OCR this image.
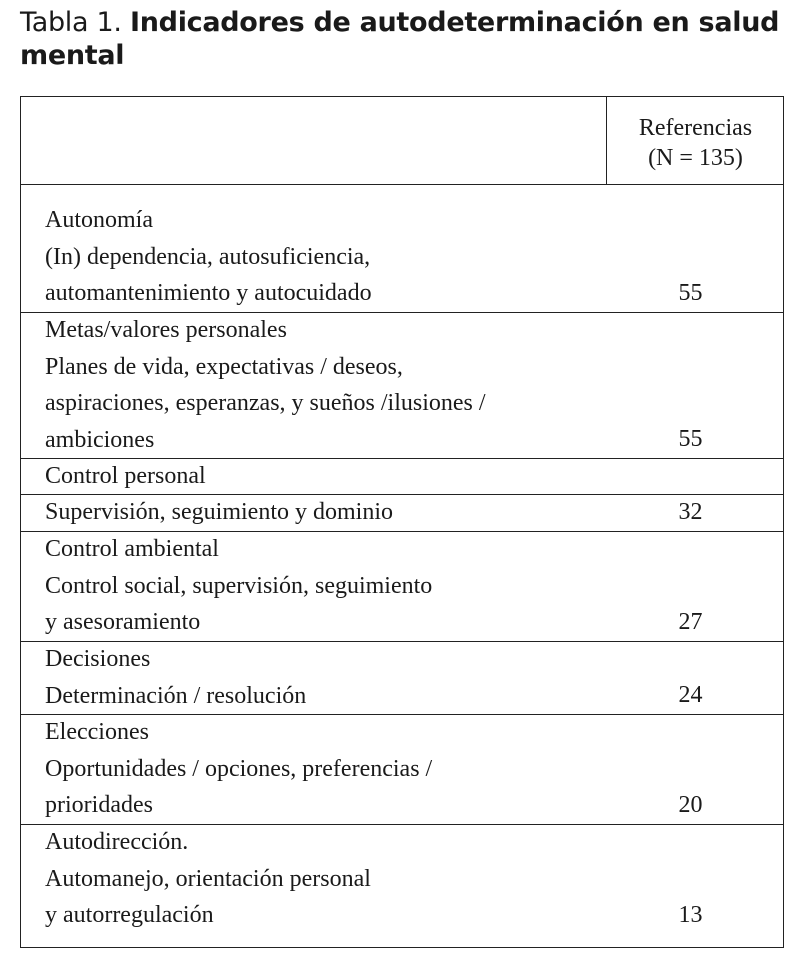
Tabla 1. Indicadores de autodeterminación en salud mental
Referencias
(N = 135)
Autonomía
(In) dependencia, autosuficiencia,
automantenimiento y autocuidado	55
Metas/valores personales
Planes de vida, expectativas / deseos,
aspiraciones, esperanzas, y sueños /ilusiones /
ambiciones	55
Control personal
Supervisión, seguimiento y dominio	32
Control ambiental
Control social, supervisión, seguimiento
y asesoramiento	27
Decisiones
Determinación / resolución	24
Elecciones
Oportunidades / opciones, preferencias /
prioridades	20
Autodirección.
Automanejo, orientación personal
y autorregulación	13
